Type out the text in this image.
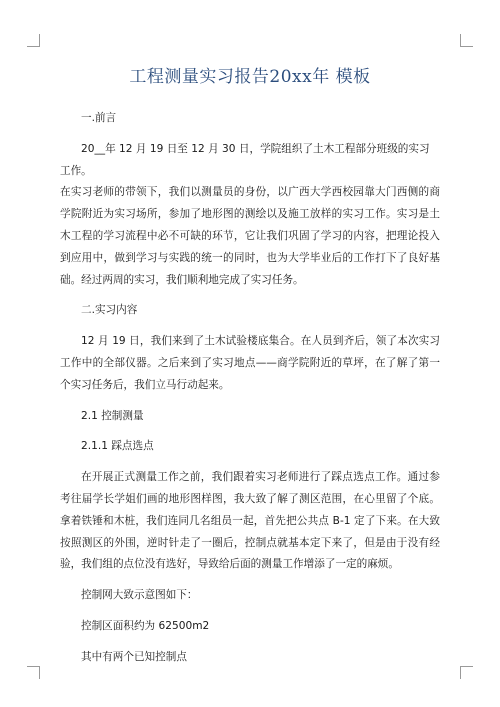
工程测量实习报告20xx年 模板

一.前言

20__年 12 月 19 日至 12 月 30 日，学院组织了土木工程部分班级的实习工作。

在实习老师的带领下，我们以测量员的身份，以广西大学西校园靠大门西侧的商学院附近为实习场所，参加了地形图的测绘以及施工放样的实习工作。实习是土木工程的学习流程中必不可缺的环节，它让我们巩固了学习的内容，把理论投入到应用中，做到学习与实践的统一的同时，也为大学毕业后的工作打下了良好基础。经过两周的实习，我们顺利地完成了实习任务。

二.实习内容

12 月 19 日，我们来到了土木试验楼底集合。在人员到齐后，领了本次实习工作中的全部仪器。之后来到了实习地点——商学院附近的草坪，在了解了第一个实习任务后，我们立马行动起来。

2.1 控制测量

2.1.1 踩点选点

在开展正式测量工作之前，我们跟着实习老师进行了踩点选点工作。通过参考往届学长学姐们画的地形图样图，我大致了解了测区范围，在心里留了个底。拿着铁锤和木桩，我们连同几名组员一起，首先把公共点 B-1 定了下来。在大致按照测区的外围，逆时针走了一圈后，控制点就基本定下来了，但是由于没有经验，我们组的点位没有选好，导致给后面的测量工作增添了一定的麻烦。

控制网大致示意图如下：

控制区面积约为 62500m2

其中有两个已知控制点
